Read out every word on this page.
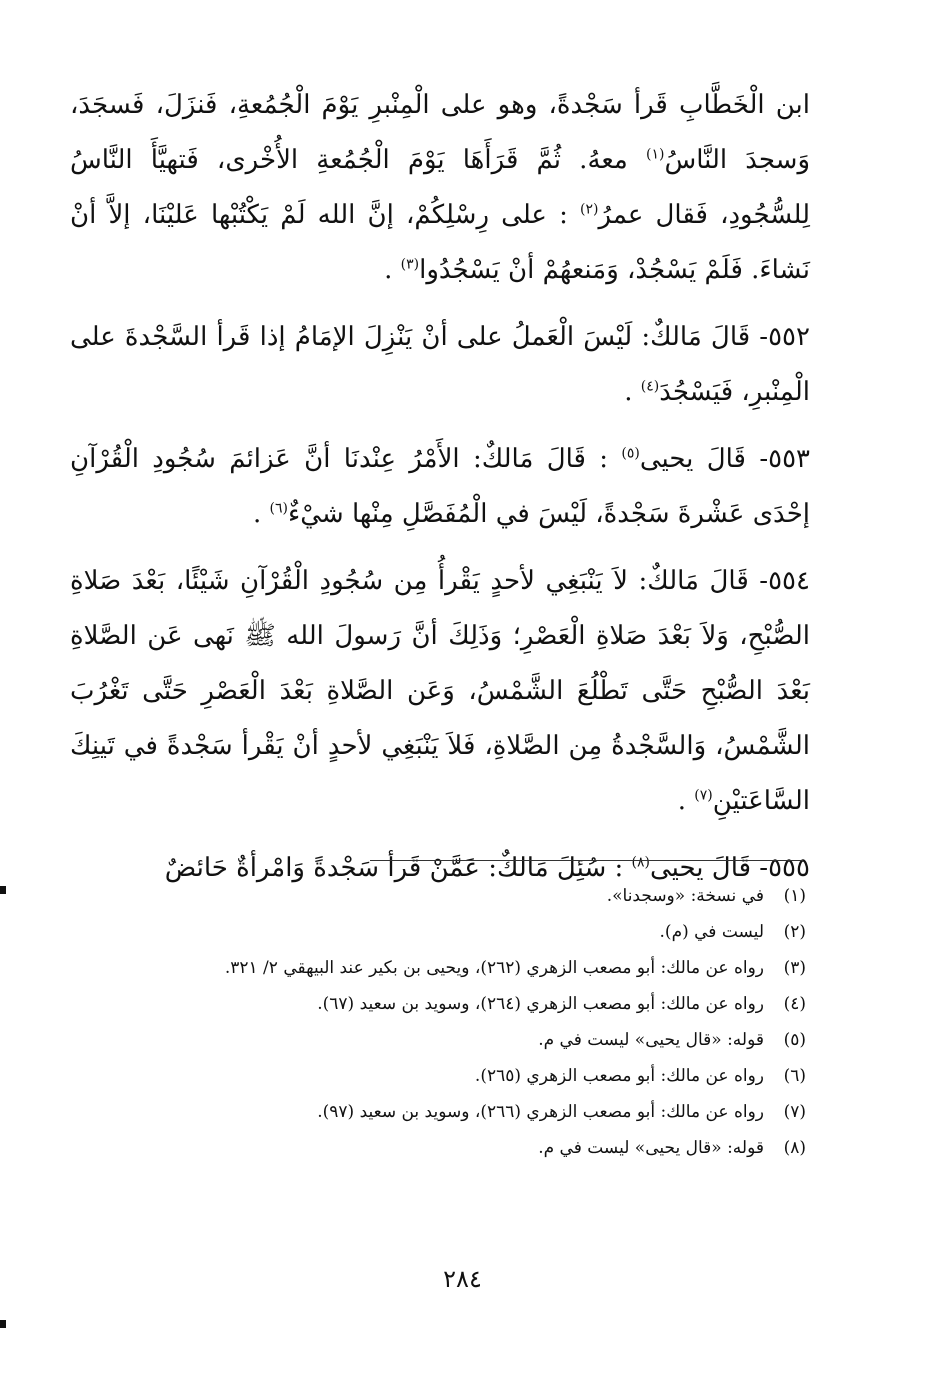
ابن الْخَطَّابِ قَرأ سَجْدةً، وهو على الْمِنْبرِ يَوْمَ الْجُمُعةِ، فَنزَلَ، فَسجَدَ، وَسجدَ النَّاسُ$^{(١)}$ معهُ. ثُمَّ قَرَأَهَا يَوْمَ الْجُمُعةِ الأُخْرى، فَتهيَّأَ النَّاسُ لِلسُّجُودِ، فَقال عمرُ$^{(٢)}$ : على رِسْلِكُمْ، إنَّ الله لَمْ يَكْتُبْها عَليْنَا، إلاَّ أنْ نَشاءَ. فَلَمْ يَسْجُدْ، وَمَنعهُمْ أنْ يَسْجُدُوا$^{(٣)}$ .

٥٥٢- قَالَ مَالكٌ: لَيْسَ الْعَملُ على أنْ يَنْزِلَ الإمَامُ إذا قَرأ السَّجْدةَ على الْمِنْبرِ، فَيَسْجُدَ$^{(٤)}$ .

٥٥٣- قَالَ يحيى$^{(٥)}$ : قَالَ مَالكٌ: الأَمْرُ عِنْدنَا أنَّ عَزائمَ سُجُودِ الْقُرْآنِ إحْدَى عَشْرةَ سَجْدةً، لَيْسَ في الْمُفَصَّلِ مِنْها شيْءٌ$^{(٦)}$ .

٥٥٤- قَالَ مَالكٌ: لاَ يَنْبَغِي لأحدٍ يَقْرأُ مِن سُجُودِ الْقُرْآنِ شَيْئًا، بَعْدَ صَلاةِ الصُّبْحِ، وَلاَ بَعْدَ صَلاةِ الْعَصْرِ؛ وَذَلِكَ أنَّ رَسولَ الله ﷺ نَهى عَن الصَّلاةِ بَعْدَ الصُّبْحِ حَتَّى تَطْلُعَ الشَّمْسُ، وَعَن الصَّلاةِ بَعْدَ الْعَصْرِ حَتَّى تَغْرُبَ الشَّمْسُ، وَالسَّجْدةُ مِن الصَّلاةِ، فَلاَ يَنْبَغِي لأحدٍ أنْ يَقْرأ سَجْدةً في تَينِكَ السَّاعَتيْنِ$^{(٧)}$ .

٥٥٥- قَالَ يحيى$^{(٨)}$ : سُئِلَ مَالكٌ: عَمَّنْ قَرأ سَجْدةً وَامْرأةٌ حَائضٌ

(١)في نسخة: «وسجدنا».
(٢)ليست في (م).
(٣)رواه عن مالك: أبو مصعب الزهري (٢٦٢)، ويحيى بن بكير عند البيهقي ٢/ ٣٢١.
(٤)رواه عن مالك: أبو مصعب الزهري (٢٦٤)، وسويد بن سعيد (٦٧).
(٥)قوله: «قال يحيى» ليست في م.
(٦)رواه عن مالك: أبو مصعب الزهري (٢٦٥).
(٧)رواه عن مالك: أبو مصعب الزهري (٢٦٦)، وسويد بن سعيد (٩٧).
(٨)قوله: «قال يحيى» ليست في م.
٢٨٤
